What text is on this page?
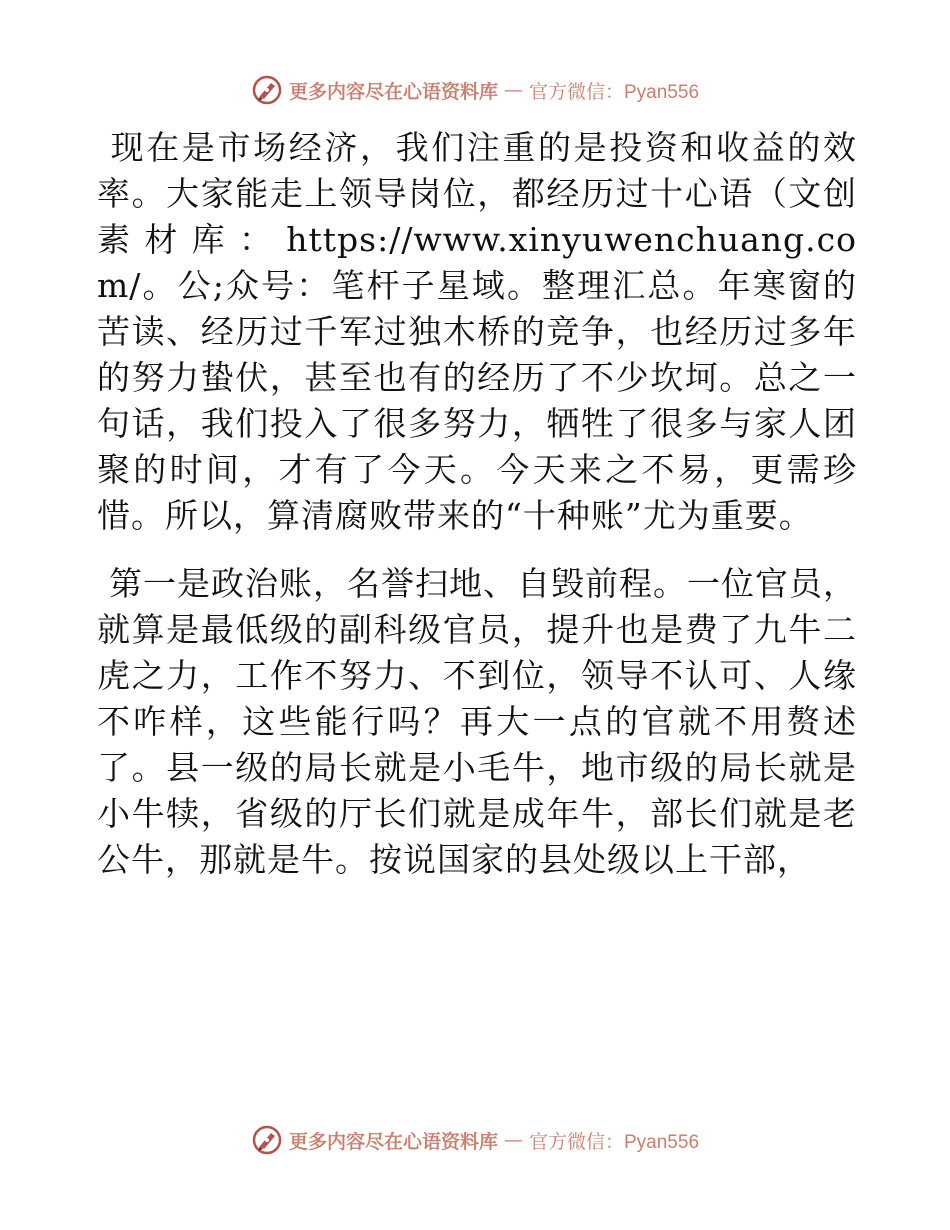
更多内容尽在心语资料库 — 官方微信：Pyan556

现在是市场经济，我们注重的是投资和收益的效率。大家能走上领导岗位，都经历过十心语（文创素材库：https://www.xinyuwenchuang.com/。公;众号：笔杆子星域。整理汇总。年寒窗的苦读、经历过千军过独木桥的竞争，也经历过多年的努力蛰伏，甚至也有的经历了不少坎坷。总之一句话，我们投入了很多努力，牺牲了很多与家人团聚的时间，才有了今天。今天来之不易，更需珍惜。所以，算清腐败带来的“十种账”尤为重要。

第一是政治账，名誉扫地、自毁前程。一位官员，就算是最低级的副科级官员，提升也是费了九牛二虎之力，工作不努力、不到位，领导不认可、人缘不咋样，这些能行吗？再大一点的官就不用赘述了。县一级的局长就是小毛牛，地市级的局长就是小牛犊，省级的厅长们就是成年牛，部长们就是老公牛，那就是牛。按说国家的县处级以上干部，

更多内容尽在心语资料库 — 官方微信：Pyan556
